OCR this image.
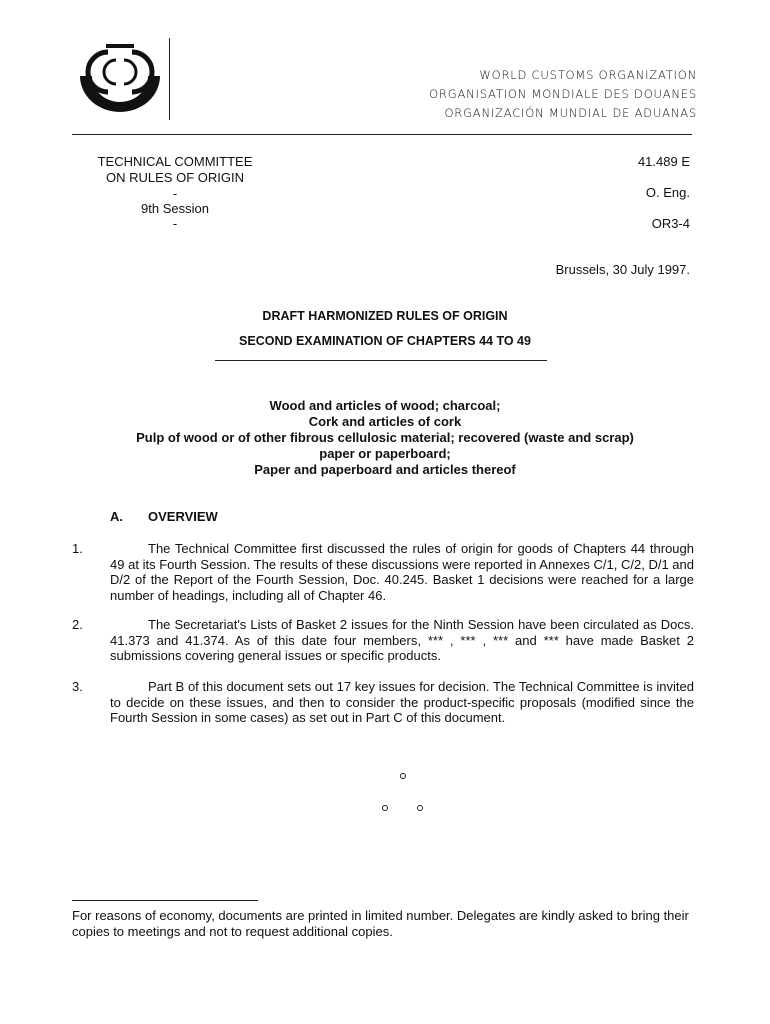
WORLD CUSTOMS ORGANIZATION
ORGANISATION MONDIALE DES DOUANES
ORGANIZACIÓN MUNDIAL DE ADUANAS
TECHNICAL COMMITTEE
ON RULES OF ORIGIN
-
9th Session
-
41.489 E
O. Eng.
OR3-4
Brussels, 30 July 1997.
DRAFT HARMONIZED RULES OF ORIGIN
SECOND EXAMINATION OF CHAPTERS 44 TO 49
Wood and articles of wood; charcoal;
Cork and articles of cork
Pulp of wood or of other fibrous cellulosic material; recovered (waste and scrap)
paper or paperboard;
Paper and paperboard and articles thereof
A. OVERVIEW
1.	The Technical Committee first discussed the rules of origin for goods of Chapters 44 through 49 at its Fourth Session. The results of these discussions were reported in Annexes C/1, C/2, D/1 and D/2 of the Report of the Fourth Session, Doc. 40.245. Basket 1 decisions were reached for a large number of headings, including all of Chapter 46.
2.	The Secretariat's Lists of Basket 2 issues for the Ninth Session have been circulated as Docs. 41.373 and 41.374. As of this date four members, *** , *** , *** and *** have made Basket 2 submissions covering general issues or specific products.
3.	Part B of this document sets out 17 key issues for decision. The Technical Committee is invited to decide on these issues, and then to consider the product-specific proposals (modified since the Fourth Session in some cases) as set out in Part C of this document.
For reasons of economy, documents are printed in limited number. Delegates are kindly asked to bring their copies to meetings and not to request additional copies.
